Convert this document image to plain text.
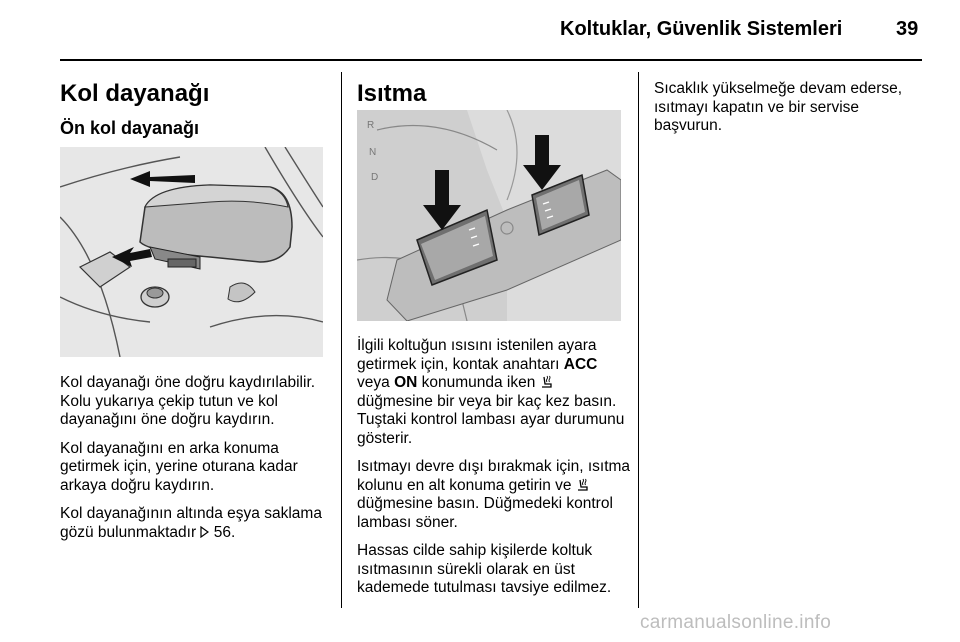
Koltuklar, Güvenlik Sistemleri	39
Kol dayanağı
Ön kol dayanağı

Kol dayanağı öne doğru kaydırılabilir. Kolu yukarıya çekip tutun ve kol dayanağını öne doğru kaydırın.

Kol dayanağını en arka konuma getirmek için, yerine oturana kadar arkaya doğru kaydırın.

Kol dayanağının altında eşya saklama gözü bulunmaktadır 56.

Isıtma
R
N
D

İlgili koltuğun ısısını istenilen ayara getirmek için, kontak anahtarı ACC veya ON konumunda iken  düğmesine bir veya bir kaç kez basın. Tuştaki kontrol lambası ayar durumunu gösterir.

Isıtmayı devre dışı bırakmak için, ısıtma kolunu en alt konuma getirin ve  düğmesine basın. Düğmedeki kontrol lambası söner.

Hassas cilde sahip kişilerde koltuk ısıtmasının sürekli olarak en üst kademede tutulması tavsiye edilmez.

Sıcaklık yükselmeğe devam ederse, ısıtmayı kapatın ve bir servise başvurun.

carmanualsonline.info
